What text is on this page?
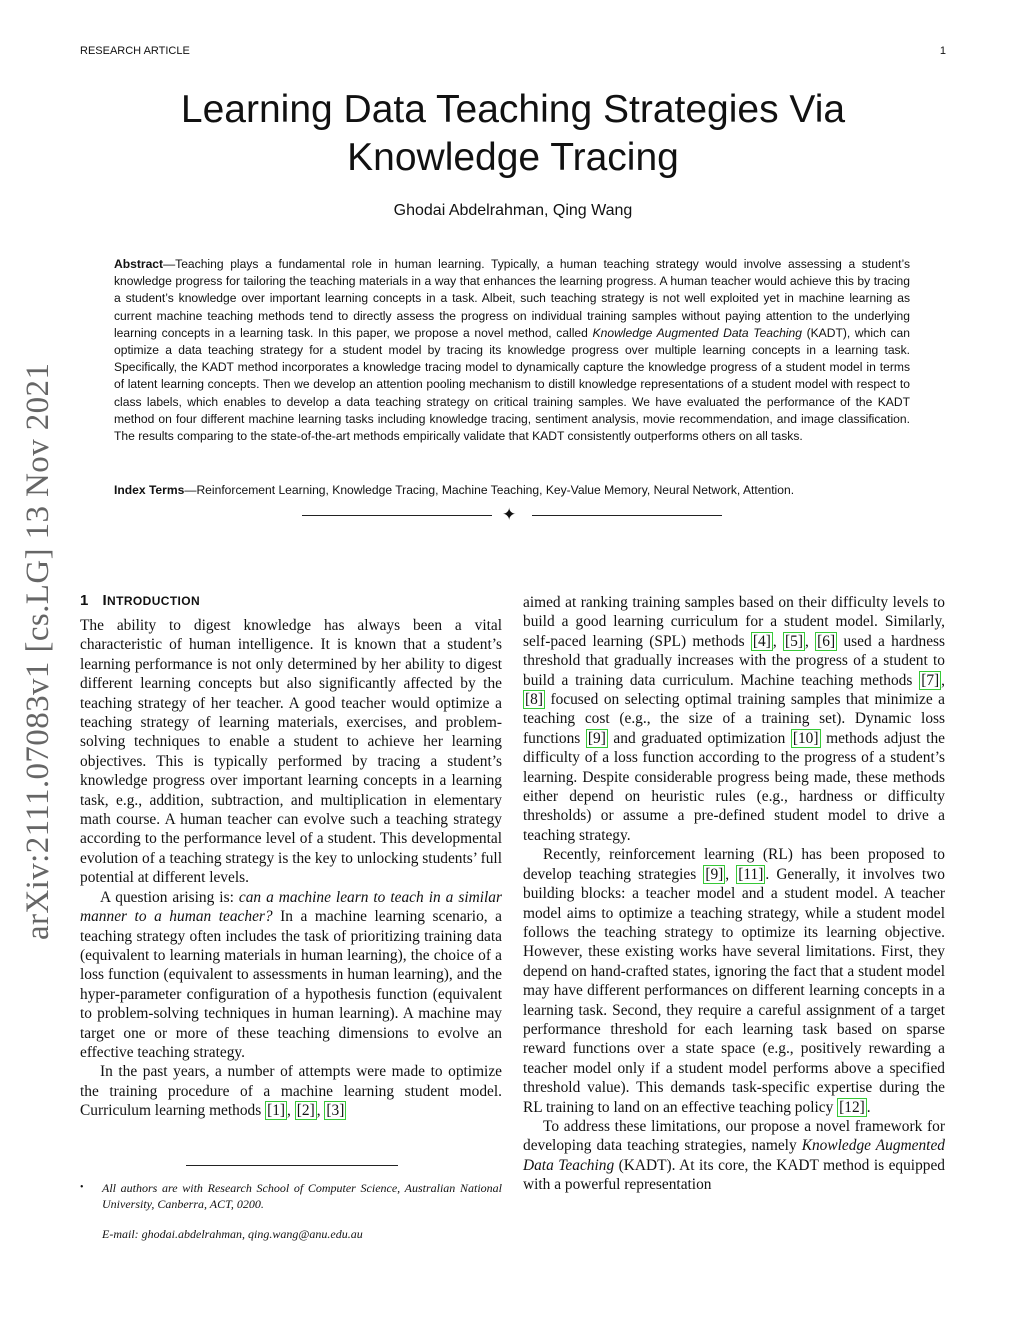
RESEARCH ARTICLE	1
Learning Data Teaching Strategies Via
Knowledge Tracing
Ghodai Abdelrahman, Qing Wang
Abstract—Teaching plays a fundamental role in human learning. Typically, a human teaching strategy would involve assessing a student’s knowledge progress for tailoring the teaching materials in a way that enhances the learning progress. A human teacher would achieve this by tracing a student’s knowledge over important learning concepts in a task. Albeit, such teaching strategy is not well exploited yet in machine learning as current machine teaching methods tend to directly assess the progress on individual training samples without paying attention to the underlying learning concepts in a learning task. In this paper, we propose a novel method, called Knowledge Augmented Data Teaching (KADT), which can optimize a data teaching strategy for a student model by tracing its knowledge progress over multiple learning concepts in a learning task. Specifically, the KADT method incorporates a knowledge tracing model to dynamically capture the knowledge progress of a student model in terms of latent learning concepts. Then we develop an attention pooling mechanism to distill knowledge representations of a student model with respect to class labels, which enables to develop a data teaching strategy on critical training samples. We have evaluated the performance of the KADT method on four different machine learning tasks including knowledge tracing, sentiment analysis, movie recommendation, and image classification. The results comparing to the state-of-the-art methods empirically validate that KADT consistently outperforms others on all tasks.
Index Terms—Reinforcement Learning, Knowledge Tracing, Machine Teaching, Key-Value Memory, Neural Network, Attention.
✦
arXiv:2111.07083v1 [cs.LG] 13 Nov 2021 1 INTRODUCTION

The ability to digest knowledge has always been a vital characteristic of human intelligence. It is known that a student’s learning performance is not only determined by her ability to digest different learning concepts but also significantly affected by the teaching strategy of her teacher. A good teacher would optimize a teaching strategy of learning materials, exercises, and problem-solving techniques to enable a student to achieve her learning objectives. This is typically performed by tracing a student’s knowledge progress over important learning concepts in a learning task, e.g., addition, subtraction, and multiplication in elementary math course. A human teacher can evolve such a teaching strategy according to the performance level of a student. This developmental evolution of a teaching strategy is the key to unlocking students’ full potential at different levels.

A question arising is: can a machine learn to teach in a similar manner to a human teacher? In a machine learning scenario, a teaching strategy often includes the task of prioritizing training data (equivalent to learning materials in human learning), the choice of a loss function (equivalent to assessments in human learning), and the hyper-parameter configuration of a hypothesis function (equivalent to problem-solving techniques in human learning). A machine may target one or more of these teaching dimensions to evolve an effective teaching strategy.

In the past years, a number of attempts were made to optimize the training procedure of a machine learning student model. Curriculum learning methods [1] , [2] , [3]

aimed at ranking training samples based on their difficulty levels to build a good learning curriculum for a student model. Similarly, self-paced learning (SPL) methods [4] , [5] , [6] used a hardness threshold that gradually increases with the progress of a student to build a training data curriculum. Machine teaching methods [7] , [8] focused on selecting optimal training samples that minimize a teaching cost (e.g., the size of a training set). Dynamic loss functions [9] and graduated optimization [10] methods adjust the difficulty of a loss function according to the progress of a student’s learning. Despite considerable progress being made, these methods either depend on heuristic rules (e.g., hardness or difficulty thresholds) or assume a pre-defined student model to drive a teaching strategy.

Recently, reinforcement learning (RL) has been proposed to develop teaching strategies [9] , [11] . Generally, it involves two building blocks: a teacher model and a student model. A teacher model aims to optimize a teaching strategy, while a student model follows the teaching strategy to optimize its learning objective. However, these existing works have several limitations. First, they depend on hand-crafted states, ignoring the fact that a student model may have different performances on different learning concepts in a learning task. Second, they require a careful assignment of a target performance threshold for each learning task based on sparse reward functions over a state space (e.g., positively rewarding a teacher model only if a student model performs above a specified threshold value). This demands task-specific expertise during the RL training to land on an effective teaching policy [12] .

To address these limitations, our propose a novel framework for developing data teaching strategies, namely Knowledge Augmented Data Teaching (KADT). At its core, the KADT method is equipped with a powerful representation

• All authors are with Research School of Computer Science, Australian National University, Canberra, ACT, 0200.
E-mail: ghodai.abdelrahman, qing.wang@anu.edu.au
